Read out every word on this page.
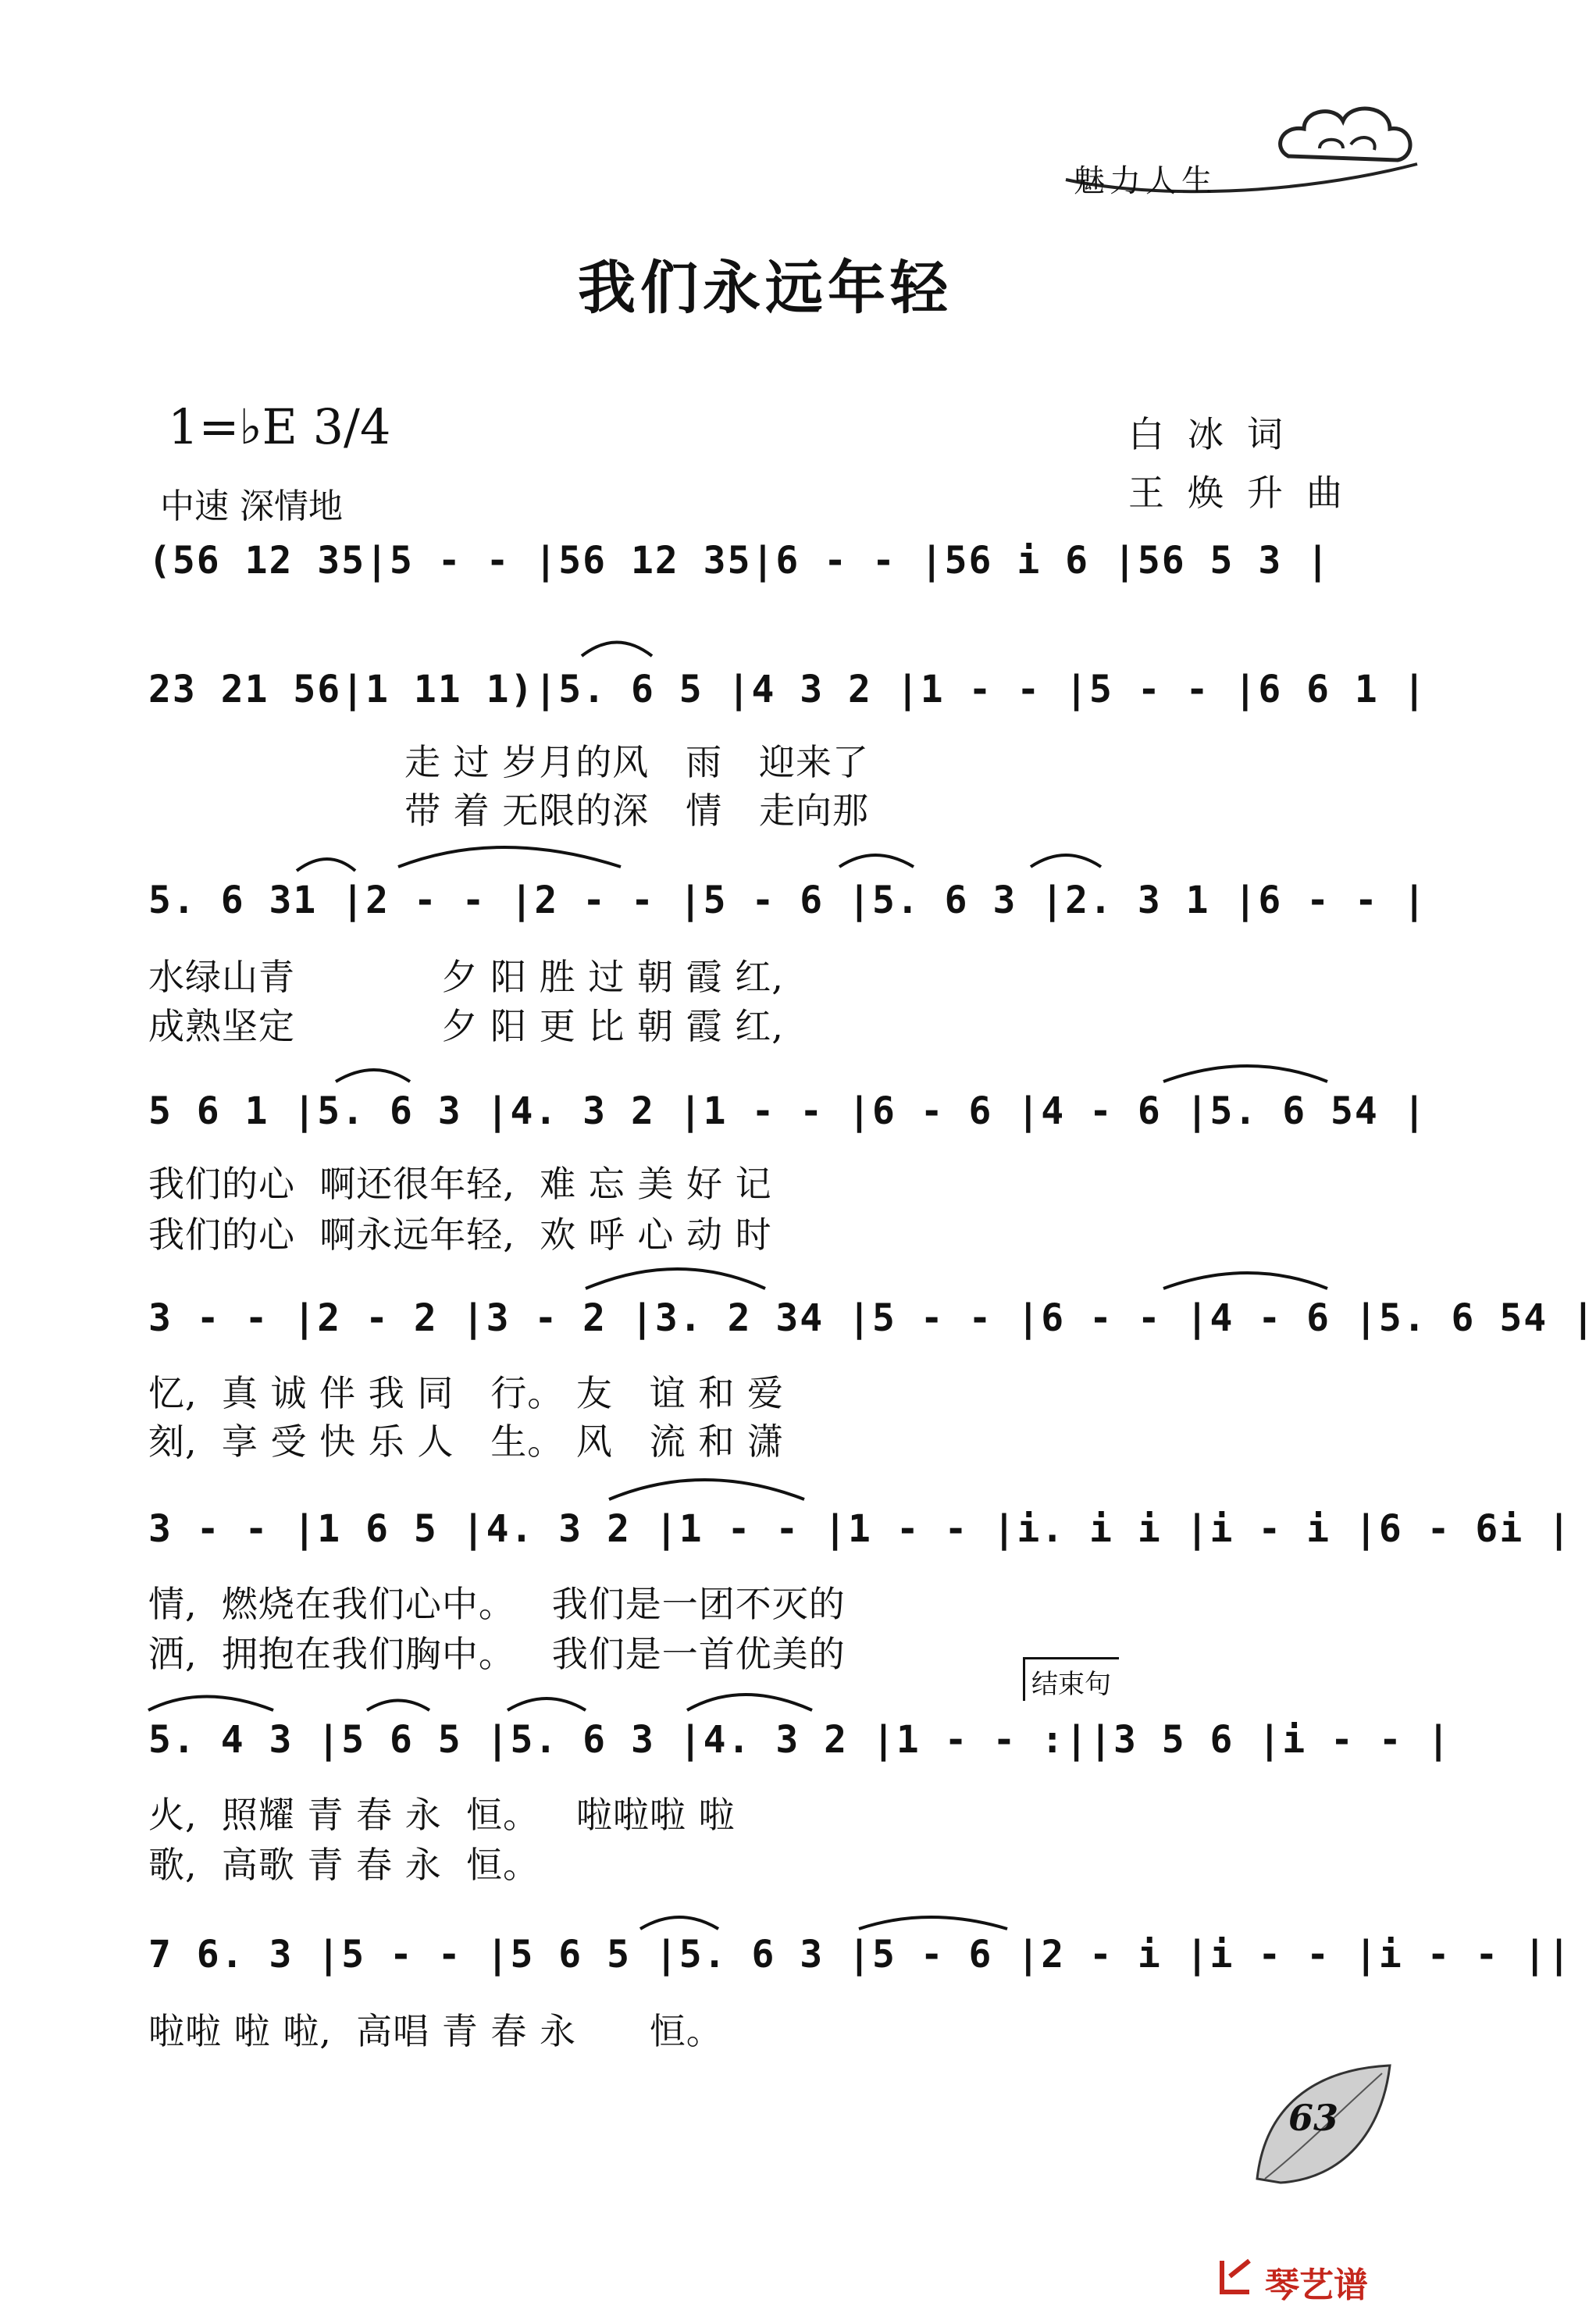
魅力人生
我们永远年轻
1=♭E 3/4
中速 深情地
白冰词
王焕升曲
(56 12 35|5 - - |56 12 35|6 - - |56 i 6 |56 5 3 |
23 21 56|1 11 1)|5. 6 5 |4 3 2 |1 - - |5 - - |6 6 1 |
走 过 岁月的风   雨   迎来了
带 着 无限的深   情   走向那
5. 6 31 |2 - - |2 - - |5 - 6 |5. 6 3 |2. 3 1 |6 - - |
水绿山青            夕 阳 胜 过 朝 霞 红,
成熟坚定            夕 阳 更 比 朝 霞 红,
5 6 1 |5. 6 3 |4. 3 2 |1 - - |6 - 6 |4 - 6 |5. 6 54 |
我们的心  啊还很年轻,  难 忘 美 好 记
我们的心  啊永远年轻,  欢 呼 心 动 时
3 - - |2 - 2 |3 - 2 |3. 2 34 |5 - - |6 - - |4 - 6 |5. 6 54 |
忆,  真 诚 伴 我 同   行。 友   谊 和 爱
刻,  享 受 快 乐 人   生。 风   流 和 潇
3 - - |1 6 5 |4. 3 2 |1 - - |1 - - |i. i i |i - i |6 - 6i |
情,  燃烧在我们心中。   我们是一团不灭的
洒,  拥抱在我们胸中。   我们是一首优美的
结束句
5. 4 3 |5 6 5 |5. 6 3 |4. 3 2 |1 - - :||3 5 6 |i - - |
火,  照耀 青 春 永  恒。   啦啦啦 啦
歌,  高歌 青 春 永  恒。
7 6. 3 |5 - - |5 6 5 |5. 6 3 |5 - 6 |2 - i |i - - |i - - ||
啦啦 啦 啦,  高唱 青 春 永      恒。
63
琴艺谱
